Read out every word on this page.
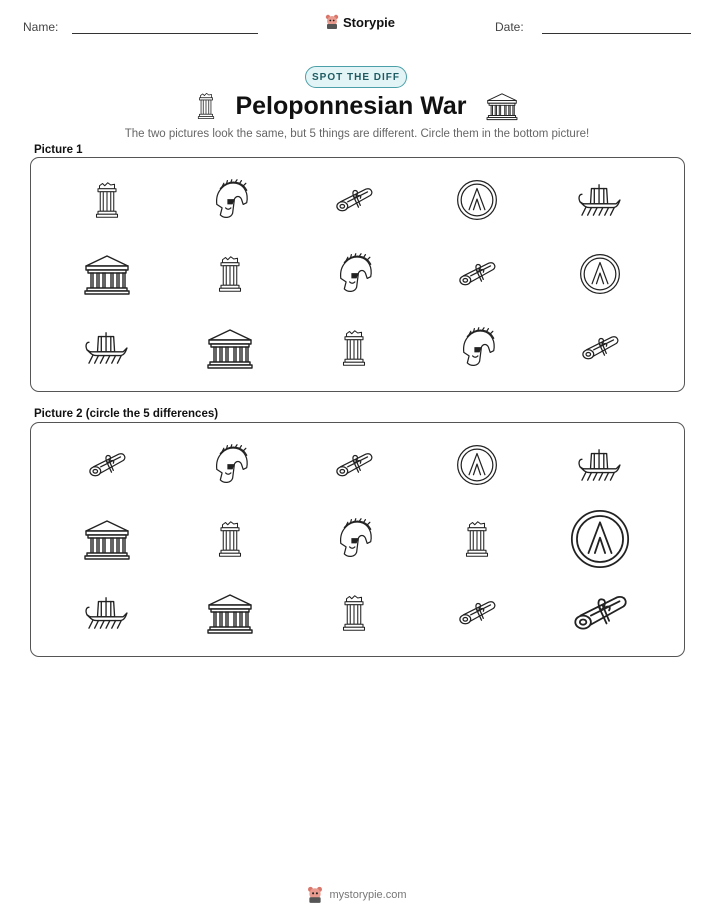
Name:	Storypie	Date:
SPOT THE DIFF
Peloponnesian War
The two pictures look the same, but 5 things are different. Circle them in the bottom picture!
Picture 1
Picture 2 (circle the 5 differences)
mystorypie.com
